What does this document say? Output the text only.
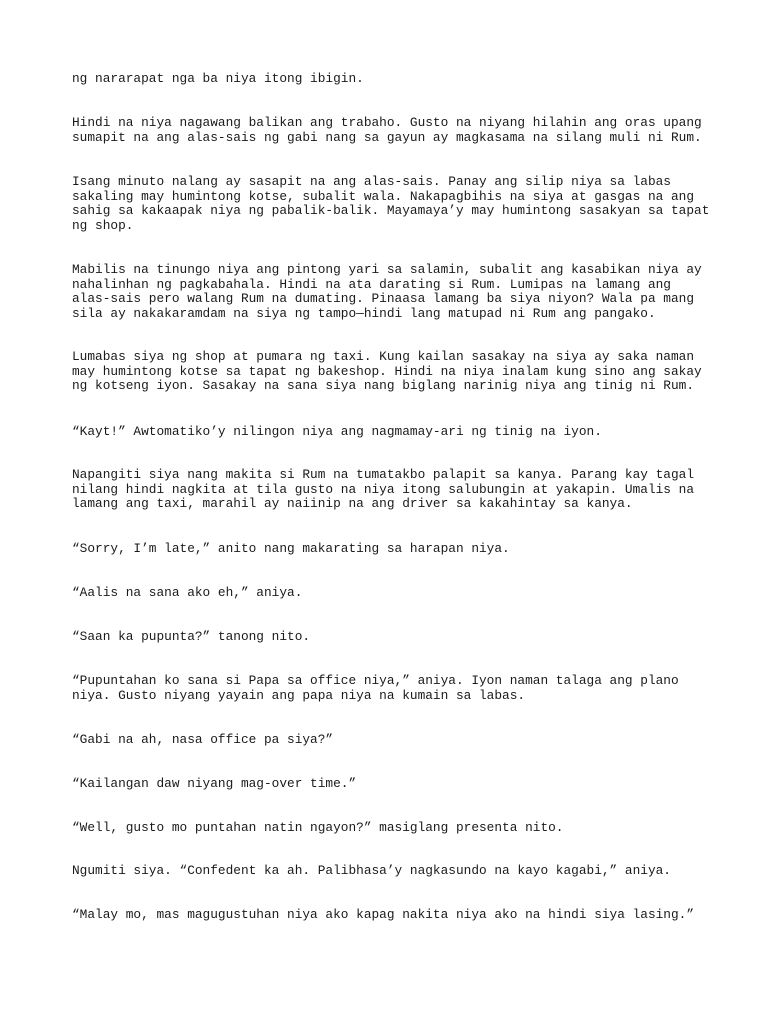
ng nararapat nga ba niya itong ibigin.

Hindi na niya nagawang balikan ang trabaho. Gusto na niyang hilahin ang oras upang
sumapit na ang alas-sais ng gabi nang sa gayun ay magkasama na silang muli ni Rum.

Isang minuto nalang ay sasapit na ang alas-sais. Panay ang silip niya sa labas
sakaling may humintong kotse, subalit wala. Nakapagbihis na siya at gasgas na ang
sahig sa kakaapak niya ng pabalik-balik. Mayamaya’y may humintong sasakyan sa tapat
ng shop.

Mabilis na tinungo niya ang pintong yari sa salamin, subalit ang kasabikan niya ay
nahalinhan ng pagkabahala. Hindi na ata darating si Rum. Lumipas na lamang ang
alas-sais pero walang Rum na dumating. Pinaasa lamang ba siya niyon? Wala pa mang
sila ay nakakaramdam na siya ng tampo—hindi lang matupad ni Rum ang pangako.

Lumabas siya ng shop at pumara ng taxi. Kung kailan sasakay na siya ay saka naman
may humintong kotse sa tapat ng bakeshop. Hindi na niya inalam kung sino ang sakay
ng kotseng iyon. Sasakay na sana siya nang biglang narinig niya ang tinig ni Rum.

“Kayt!” Awtomatiko’y nilingon niya ang nagmamay-ari ng tinig na iyon.

Napangiti siya nang makita si Rum na tumatakbo palapit sa kanya. Parang kay tagal
nilang hindi nagkita at tila gusto na niya itong salubungin at yakapin. Umalis na
lamang ang taxi, marahil ay naiinip na ang driver sa kakahintay sa kanya.

“Sorry, I’m late,” anito nang makarating sa harapan niya.

“Aalis na sana ako eh,” aniya.

“Saan ka pupunta?” tanong nito.

“Pupuntahan ko sana si Papa sa office niya,” aniya. Iyon naman talaga ang plano
niya. Gusto niyang yayain ang papa niya na kumain sa labas.

“Gabi na ah, nasa office pa siya?”

“Kailangan daw niyang mag-over time.”

“Well, gusto mo puntahan natin ngayon?” masiglang presenta nito.

Ngumiti siya. “Confedent ka ah. Palibhasa’y nagkasundo na kayo kagabi,” aniya.

“Malay mo, mas magugustuhan niya ako kapag nakita niya ako na hindi siya lasing.”
